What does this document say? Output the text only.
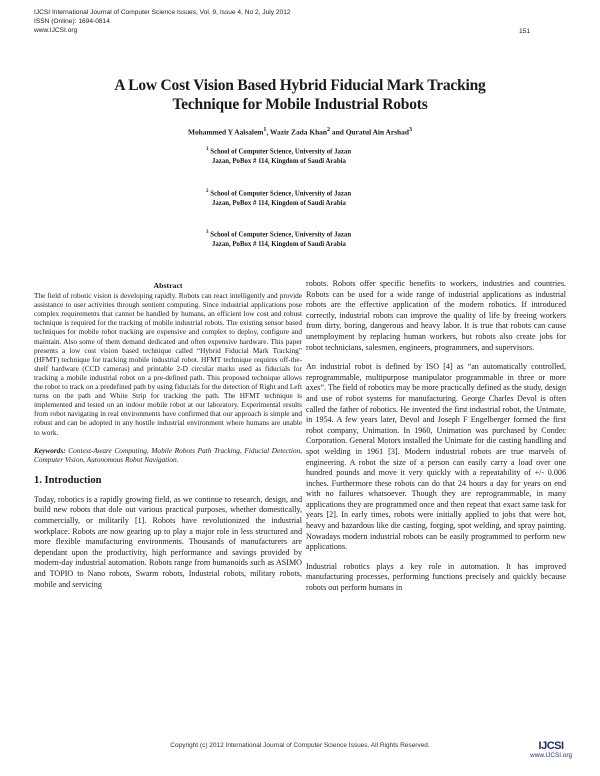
IJCSI International Journal of Computer Science Issues, Vol. 9, Issue 4, No 2, July 2012
ISSN (Online): 1694-0814
www.IJCSI.org	151
A Low Cost Vision Based Hybrid Fiducial Mark Tracking
Technique for Mobile Industrial Robots
Mohammed Y Aalsalem$^1$, Wazir Zada Khan$^2$ and Quratul Ain Arshad$^3$
$^1$ School of Computer Science, University of Jazan
Jazan, PoBox # 114, Kingdom of Saudi Arabia
$^2$ School of Computer Science, University of Jazan
Jazan, PoBox # 114, Kingdom of Saudi Arabia
$^3$ School of Computer Science, University of Jazan
Jazan, PoBox # 114, Kingdom of Saudi Arabia
Abstract

The field of robotic vision is developing rapidly. Robots can react intelligently and provide assistance to user activities through sentient computing. Since industrial applications pose complex requirements that cannot be handled by humans, an efficient low cost and robust technique is required for the tracking of mobile industrial robots. The existing sensor based techniques for mobile robot tracking are expensive and complex to deploy, configure and maintain. Also some of them demand dedicated and often expensive hardware. This paper presents a low cost vision based technique called “Hybrid Fiducial Mark Tracking” (HFMT) technique for tracking mobile industrial robot. HFMT technique requires off-the-shelf hardware (CCD cameras) and printable 2-D circular marks used as fiducials for tracking a mobile industrial robot on a pre-defined path. This proposed technique allows the robot to track on a predefined path by using fiducials for the detection of Right and Left turns on the path and White Strip for tracking the path. The HFMT technique is implemented and tested on an indoor mobile robot at our laboratory. Experimental results from robot navigating in real environments have confirmed that our approach is simple and robust and can be adopted in any hostile industrial environment where humans are unable to work.

Keywords: Context-Aware Computing, Mobile Robots Path Tracking, Fiducial Detection, Computer Vision, Autonomous Robot Navigation.

1. Introduction

Today, robotics is a rapidly growing field, as we continue to research, design, and build new robots that dole out various practical purposes, whether domestically, commercially, or militarily [1]. Robots have revolutionized the industrial workplace. Robots are now gearing up to play a major role in less structured and more flexible manufacturing environments. Thousands of manufacturers are dependant upon the productivity, high performance and savings provided by modern-day industrial automation. Robots range from humanoids such as ASIMO and TOPIO to Nano robots, Swarm robots, Industrial robots, military robots, mobile and servicing

robots. Robots offer specific benefits to workers, industries and countries. Robots can be used for a wide range of industrial applications as industrial robots are the effective application of the modern robotics. If introduced correctly, industrial robots can improve the quality of life by freeing workers from dirty, boring, dangerous and heavy labor. It is true that robots can cause unemployment by replacing human workers, but robots also create jobs for robot technicians, salesmen, engineers, programmers, and supervisors.

An industrial robot is defined by ISO [4] as “an automatically controlled, reprogrammable, multipurpose manipulator programmable in three or more axes”. The field of robotics may be more practically defined as the study, design and use of robot systems for manufacturing. George Charles Devol is often called the father of robotics. He invented the first industrial robot, the Unimate, in 1954. A few years later, Devol and Joseph F Engelberger formed the first robot company, Unimation. In 1960, Unimation was purchased by Condec Corporation. General Motors installed the Unimate for die casting handling and spot welding in 1961 [3]. Modern industrial robots are true marvels of engineering. A robot the size of a person can easily carry a load over one hundred pounds and move it very quickly with a repeatability of +/- 0.006 inches. Furthermore these robots can do that 24 hours a day for years on end with no failures whatsoever. Though they are reprogrammable, in many applications they are programmed once and then repeat that exact same task for years [2]. In early times, robots were initially applied to jobs that were hot, heavy and hazardous like die casting, forging, spot welding, and spray painting. Nowadays modern industrial robots can be easily programmed to perform new applications.

Industrial robotics plays a key role in automation. It has improved manufacturing processes, performing functions precisely and quickly because robots out perform humans in

Copyright (c) 2012 International Journal of Computer Science Issues. All Rights Reserved.	IJCSI
www.IJCSI.org
